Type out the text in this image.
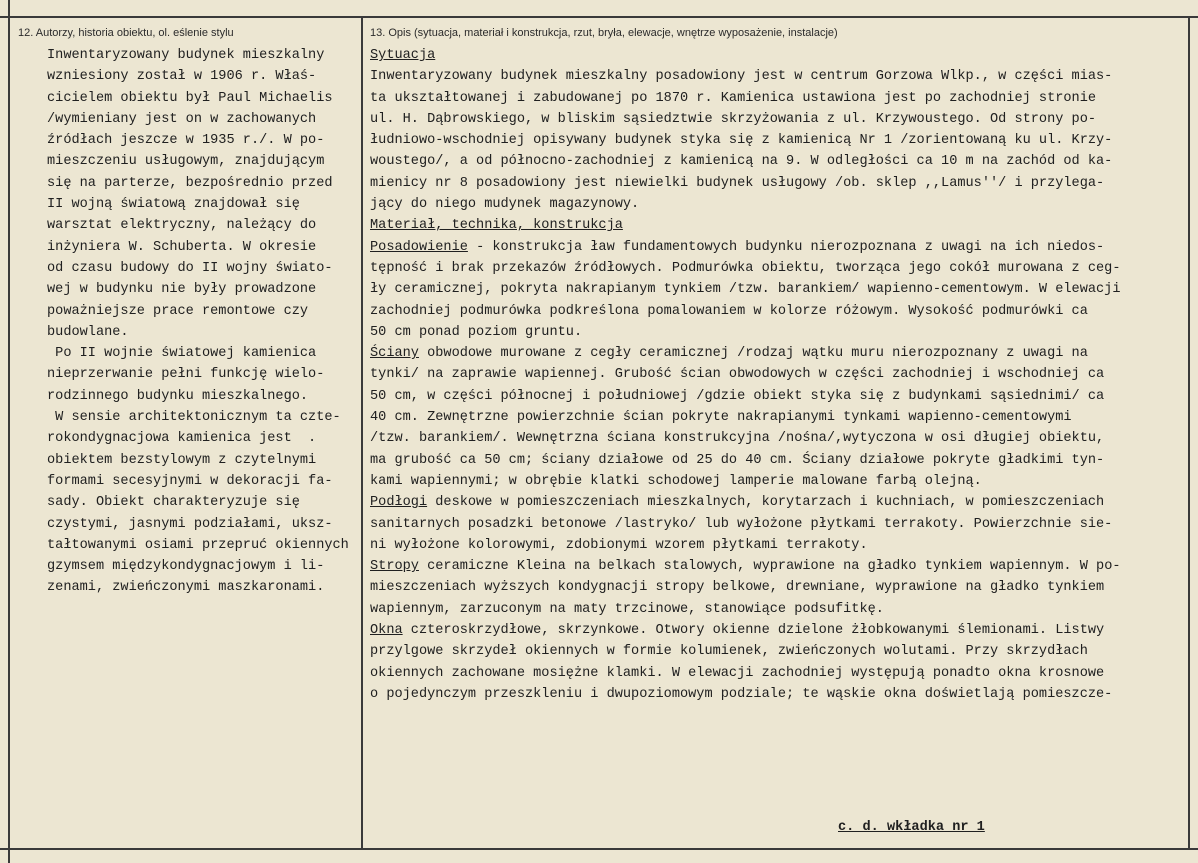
12. Autorzy, historia obiektu, ol. eślenie stylu	13. Opis (sytuacja, materiał i konstrukcja, rzut, bryła, elewacje, wnętrze wyposażenie, instalacje)
Inwentaryzowany budynek mieszkalny
wzniesiony został w 1906 r. Właś-
cicielem obiektu był Paul Michaelis
/wymieniany jest on w zachowanych
źródłach jeszcze w 1935 r./. W po-
mieszczeniu usługowym, znajdującym
się na parterze, bezpośrednio przed
II wojną światową znajdował się
warsztat elektryczny, należący do
inżyniera W. Schuberta. W okresie
od czasu budowy do II wojny świato-
wej w budynku nie były prowadzone
poważniejsze prace remontowe czy
budowlane.
Po II wojnie światowej kamienica
nieprzerwanie pełni funkcję wielo-
rodzinnego budynku mieszkalnego.
W sensie architektonicznym ta czte-
rokondygnacjowa kamienica jest  .
obiektem bezstylowym z czytelnymi
formami secesyjnymi w dekoracji fa-
sady. Obiekt charakteryzuje się
czystymi, jasnymi podziałami, uksz-
tałtowanymi osiami przepruć okiennych
gzymsem międzykondygnacjowym i li-
zenami, zwieńczonymi maszkaronami.
Sytuacja
Inwentaryzowany budynek mieszkalny posadowiony jest w centrum Gorzowa Wlkp., w części mias-
ta ukształtowanej i zabudowanej po 1870 r. Kamienica ustawiona jest po zachodniej stronie
ul. H. Dąbrowskiego, w bliskim sąsiedztwie skrzyżowania z ul. Krzywoustego. Od strony po-
łudniowo-wschodniej opisywany budynek styka się z kamienicą Nr 1 /zorientowaną ku ul. Krzy-
woustego/, a od północno-zachodniej z kamienicą na 9. W odległości ca 10 m na zachód od ka-
mienicy nr 8 posadowiony jest niewielki budynek usługowy /ob. sklep ,,Lamus''/ i przylega-
jący do niego mudynek magazynowy.
Materiał, technika, konstrukcja
Posadowienie - konstrukcja ław fundamentowych budynku nierozpoznana z uwagi na ich niedos-
tępność i brak przekazów źródłowych. Podmurówka obiektu, tworząca jego cokół murowana z ceg-
ły ceramicznej, pokryta nakrapianym tynkiem /tzw. barankiem/ wapienno-cementowym. W elewacji
zachodniej podmurówka podkreślona pomalowaniem w kolorze różowym. Wysokość podmurówki ca
50 cm ponad poziom gruntu.
Ściany obwodowe murowane z cegły ceramicznej /rodzaj wątku muru nierozpoznany z uwagi na
tynki/ na zaprawie wapiennej. Grubość ścian obwodowych w części zachodniej i wschodniej ca
50 cm, w części północnej i południowej /gdzie obiekt styka się z budynkami sąsiednimi/ ca
40 cm. Zewnętrzne powierzchnie ścian pokryte nakrapianymi tynkami wapienno-cementowymi
/tzw. barankiem/. Wewnętrzna ściana konstrukcyjna /nośna/,wytyczona w osi długiej obiektu,
ma grubość ca 50 cm; ściany działowe od 25 do 40 cm. Ściany działowe pokryte gładkimi tyn-
kami wapiennymi; w obrębie klatki schodowej lamperie malowane farbą olejną.
Podłogi deskowe w pomieszczeniach mieszkalnych, korytarzach i kuchniach, w pomieszczeniach
sanitarnych posadzki betonowe /lastryko/ lub wyłożone płytkami terrakoty. Powierzchnie sie-
ni wyłożone kolorowymi, zdobionymi wzorem płytkami terrakoty.
Stropy ceramiczne Kleina na belkach stalowych, wyprawione na gładko tynkiem wapiennym. W po-
mieszczeniach wyższych kondygnacji stropy belkowe, drewniane, wyprawione na gładko tynkiem
wapiennym, zarzuconym na maty trzcinowe, stanowiące podsufitkę.
Okna czteroskrzydłowe, skrzynkowe. Otwory okienne dzielone żłobkowanymi ślemionami. Listwy
przylgowe skrzydeł okiennych w formie kolumienek, zwieńczonych wolutami. Przy skrzydłach
okiennych zachowane mosiężne klamki. W elewacji zachodniej występują ponadto okna krosnowe
o pojedynczym przeszkleniu i dwupoziomowym podziale; te wąskie okna doświetlają pomieszcze-
c. d. wkładka nr 1
